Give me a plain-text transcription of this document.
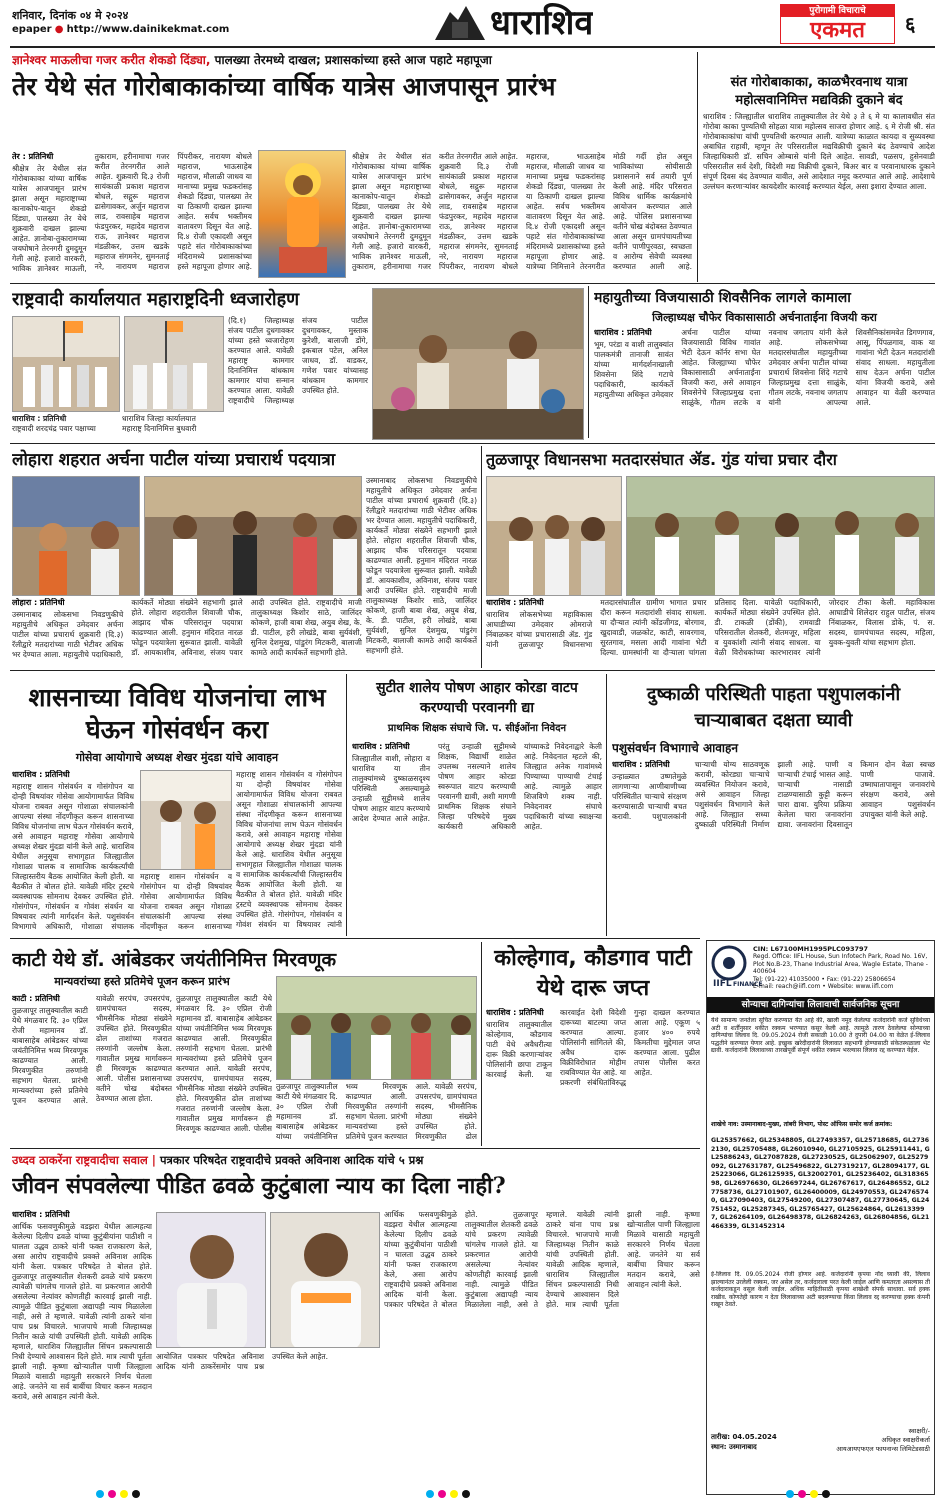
शनिवार, दिनांक ०४ मे २०२४
epaper ● http://www.dainikekmat.com	धाराशिव	पुरोगामी विचाराचे
एकमत	६
ज्ञानेश्वर माऊलीचा गजर करीत शेकडो दिंड्या, पालख्या तेरमध्ये दाखल; प्रशासकांच्या हस्ते आज पहाटे महापूजा
तेर येथे संत गोरोबाकाकांच्या वार्षिक यात्रेस आजपासून प्रारंभ
तेर : प्रतिनिधी
श्रीक्षेत्र तेर येथील संत गोरोबाकाका यांच्या वार्षिक यात्रेस आजपासून प्रारंभ झाला असून महाराष्ट्राच्या कानाकोप-यातून शेकडो दिंड्या, पालख्या तेर येथे शुक्रवारी दाखल झाल्या आहेत. ज्ञानोबा-तुकारामच्या जयघोषाने तेरनगरी दुमदुमून गेली आहे. हजारो वारकरी, भाविक ज्ञानेश्वर माऊली, तुकाराम, हरीनामाचा गजर करीत तेरनगरीत आले आहेत. शुक्रवारी दि.३ रोजी सायंकाळी प्रकाश महाराज बोधले, सद्गुरू महाराज ढासेगावकर, अर्जुन महाराज लाड, रावसाहेब महाराज फंडपुरकर, महादेव महाराज राऊ, ज्ञानेश्वर महाराज मंडळीकर, उत्तम खडके महाराज संगमनेर, सुमनताई नरे, नारायण महाराज पिंपरीकर, नारायण बोधले महाराज, भाऊसाहेब महाराज, मौलाळी जाधव या मानाच्या प्रमुख फडकरांसह शेकडो दिंड्या, पालख्या तेर या ठिकाणी दाखल झाल्या आहेत. सर्वच भक्तीमय वातावरण दिसून येत आहे. दि.४ रोजी एकादशी असून पहाटे संत गोरोबाकाकांच्या मंदिरामध्ये प्रशासकांच्या हस्ते महापूजा होणार आहे.
श्रीक्षेत्र तेर येथील संत गोरोबाकाका यांच्या वार्षिक यात्रेस आजपासून प्रारंभ झाला असून महाराष्ट्राच्या कानाकोप-यातून शेकडो दिंड्या, पालख्या तेर येथे शुक्रवारी दाखल झाल्या आहेत. ज्ञानोबा-तुकारामच्या जयघोषाने तेरनगरी दुमदुमून गेली आहे. हजारो वारकरी, भाविक ज्ञानेश्वर माऊली, तुकाराम, हरीनामाचा गजर करीत तेरनगरीत आले आहेत. शुक्रवारी दि.३ रोजी सायंकाळी प्रकाश महाराज बोधले, सद्गुरू महाराज ढासेगावकर, अर्जुन महाराज लाड, रावसाहेब महाराज फंडपुरकर, महादेव महाराज राऊ, ज्ञानेश्वर महाराज मंडळीकर, उत्तम खडके महाराज संगमनेर, सुमनताई नरे, नारायण महाराज पिंपरीकर, नारायण बोधले महाराज, भाऊसाहेब महाराज, मौलाळी जाधव या मानाच्या प्रमुख फडकरांसह शेकडो दिंड्या, पालख्या तेर या ठिकाणी दाखल झाल्या आहेत. सर्वच भक्तीमय वातावरण दिसून येत आहे. दि.४ रोजी एकादशी असून पहाटे संत गोरोबाकाकांच्या मंदिरामध्ये प्रशासकांच्या हस्ते महापूजा होणार आहे. यात्रेच्या निमित्ताने तेरनगरीत मोठी गर्दी होत असून भाविकांच्या सोयीसाठी प्रशासनाने सर्व तयारी पूर्ण केली आहे. मंदिर परिसरात विविध धार्मिक कार्यक्रमांचे आयोजन करण्यात आले आहे. पोलिस प्रशासनाच्या वतीने चोख बंदोबस्त ठेवण्यात आला असून ग्रामपंचायतीच्या वतीने पाणीपुरवठा, स्वच्छता व आरोग्य सेवेची व्यवस्था करण्यात आली आहे.
संत गोरोबाकाका, काळभैरवनाथ यात्रा महोत्सवानिमित्त मद्यविक्री दुकाने बंद
धाराशिव : जिल्ह्यातील धाराशिव तालुक्यातील तेर येथे ३ ते ६ मे या कालावधीत संत गोरोबा काका पुण्यतिथी सोहळा यात्रा महोत्सव साजरा होणार आहे. ६ मे रोजी श्री. संत गोरोबाकाकांचा यांची पुण्यतिथी करण्यात आली. यात्रेच्या काळात कायदा व सुव्यवस्था अबाधित राहावी, म्हणून तेर परिसरातील मद्यविक्रीची दुकाने बंद ठेवण्याचे आदेश जिल्हाधिकारी डॉ. सचिन ओम्बासे यांनी दिले आहेत. सावडी, पळसप, हुसेनवाडी परिसरातील सर्व देशी, विदेशी मद्य विक्रीची दुकाने, बिअर बार व परवानाधारक दुकाने संपूर्ण दिवस बंद ठेवण्यात यावीत, असे आदेशात नमूद करण्यात आले आहे. आदेशाचे उल्लंघन करणाऱ्यांवर कायदेशीर कारवाई करण्यात येईल, असा इशारा देण्यात आला.
राष्ट्रवादी कार्यालयात महाराष्ट्रदिनी ध्वजारोहण
धाराशिव : प्रतिनिधी
राष्ट्रवादी शरदचंद्र पवार पक्षाच्या
धाराशिव जिल्हा कार्यालयात
महाराष्ट्र दिनानिमित्त बुधवारी
(दि.१) जिल्हाध्यक्ष संजय पाटील दुधगावकर यांच्या हस्ते ध्वजारोहण करण्यात आले. यावेळी महाराष्ट्र कामगार दिनानिमित्त बांधकाम कामगार यांचा सन्मान करण्यात आला. यावेळी राष्ट्रवादीचे जिल्हाध्यक्ष संजय पाटील दुधगावकर, मुस्ताक कुरेशी, बालाजी डोंगे, इकबाल पटेल, अनिल जाधव, डॉ. वाडकर, गणेश पवार यांच्यासह बांधकाम कामगार उपस्थित होते.
महायुतीच्या विजयासाठी शिवसैनिक लागले कामाला
जिल्हाध्यक्ष चौफेर विकासासाठी अर्चनाताईना विजयी करा
धाराशिव : प्रतिनिधी
भूम, परंडा व वाशी तालुक्यांत पालकमंत्री तानाजी सावंत यांच्या मार्गदर्शनाखाली शिवसेना शिंदे गटाचे पदाधिकारी, कार्यकर्ते महायुतीच्या अधिकृत उमेदवार अर्चना पाटील यांच्या विजयासाठी विविध गावांत भेटी देऊन कॉर्नर सभा घेत आहेत. जिल्ह्याच्या चौफेर विकासासाठी अर्चनाताईंना विजयी करा, असे आवाहन शिवसेनेचे जिल्हाप्रमुख दत्ता साळुंके, गौतम लटके व नवनाथ जगताप यांनी केले आहे. लोकसभेच्या मतदारसंघातील महायुतीच्या उमेदवार अर्चना पाटील यांच्या प्रचारार्थ शिवसेना शिंदे गटाचे जिल्हाप्रमुख दत्ता साळुंके, गौतम लटके, नवनाथ जगताप यांनी आपल्या शिवसैनिकांसमवेत डिगणगाव, आसू, पिंपळगाव, वाक या गावांना भेटी देऊन मतदारांशी संवाद साधला. महायुतीला साथ देऊन अर्चना पाटील यांना विजयी करावे, असे आवाहन या वेळी करण्यात आले.
लोहारा शहरात अर्चना पाटील यांच्या प्रचारार्थ पदयात्रा
लोहारा : प्रतिनिधी
उस्मानाबाद लोकसभा निवडणुकीचे महायुतीचे अधिकृत उमेदवार अर्चना पाटील यांच्या प्रचारार्थ शुक्रवारी (दि.३) रॅलीद्वारे मतदारांच्या गाठी भेटीवर अधिक भर देण्यात आला. महायुतीचे पदाधिकारी, कार्यकर्ते मोठ्या संख्येने सहभागी झाले होते. लोहारा शहरातील शिवाजी चौक, आझाद चौक परिसरातून पदयात्रा काढण्यात आली. हनुमान मंदिरात नारळ फोडून पदयात्रेला सुरूवात झाली. यावेळी डॉ. आयकाशीव, अविनाश, संजय पवार आदी उपस्थित होते. राष्ट्रवादीचे माजी तालुकाध्यक्ष किशोर साठे, जालिंदर कोकणे, हाजी बाबा शेख, अयुब शेख, के. डी. पाटील, हरी लोखंडे, बाबा सुर्यवंशी, सुनिल देशमुख, पांडुरंग मिटकरी, बालाजी कामठे आदी कार्यकर्ते सहभागी होते.
उस्मानाबाद लोकसभा निवडणुकीचे महायुतीचे अधिकृत उमेदवार अर्चना पाटील यांच्या प्रचारार्थ शुक्रवारी (दि.३) रॅलीद्वारे मतदारांच्या गाठी भेटीवर अधिक भर देण्यात आला. महायुतीचे पदाधिकारी, कार्यकर्ते मोठ्या संख्येने सहभागी झाले होते. लोहारा शहरातील शिवाजी चौक, आझाद चौक परिसरातून पदयात्रा काढण्यात आली. हनुमान मंदिरात नारळ फोडून पदयात्रेला सुरूवात झाली. यावेळी डॉ. आयकाशीव, अविनाश, संजय पवार आदी उपस्थित होते. राष्ट्रवादीचे माजी तालुकाध्यक्ष किशोर साठे, जालिंदर कोकणे, हाजी बाबा शेख, अयुब शेख, के. डी. पाटील, हरी लोखंडे, बाबा सुर्यवंशी, सुनिल देशमुख, पांडुरंग मिटकरी, बालाजी कामठे आदी कार्यकर्ते सहभागी होते.
तुळजापूर विधानसभा मतदारसंघात ॲड. गुंड यांचा प्रचार दौरा
धाराशिव : प्रतिनिधी
धाराशिव लोकसभेच्या महाविकास आघाडीच्या उमेदवार ओमराजे निंबाळकर यांच्या प्रचारासाठी ॲड. गुंड यांनी तुळजापूर विधानसभा मतदारसंघातील ग्रामीण भागात प्रचार दौरा करून मतदारांशी संवाद साधला. या दौऱ्यात त्यांनी कोंडजीगड, बोरगाव, खुदावाडी, जळकोट, काटी, सावरगाव, सुरतगाव, मसला आदी गावांना भेटी दिल्या. ग्रामस्थांनी या दौऱ्याला चांगला प्रतिसाद दिला. यावेळी पदाधिकारी, कार्यकर्ते मोठ्या संख्येने उपस्थित होते. डी. टाकळी (डोंकी), रामवाडी परिसरातील शेतकरी, शेतमजूर, महिला व युवकांशी त्यांनी संवाद साधला. या वेळी विरोधकांच्या कारभारावर त्यांनी जोरदार टीका केली. महाविकास आघाडीचे शिलेदार राहुल पाटील, संजय निंबाळकर, विलास डोके, पं. स. सदस्य, ग्रामपंचायत सदस्य, महिला, युवक-युवती यांचा सहभाग होता.
शासनाच्या विविध योजनांचा लाभ घेऊन गोसंवर्धन करा
गोसेवा आयोगाचे अध्यक्ष शेखर मुंदडा यांचे आवाहन
धाराशिव : प्रतिनिधी
महाराष्ट्र शासन गोसंवर्धन व गोसंगोपन या दोन्ही विषयांवर गोसेवा आयोगामार्फत विविध योजना राबवत असून गोशाळा संचालकांनी आपल्या संस्था नोंदणीकृत करून शासनाच्या विविध योजनांचा लाभ घेऊन गोसंवर्धन करावे, असे आवाहन महाराष्ट्र गोसेवा आयोगाचे अध्यक्ष शेखर मुंदडा यांनी केले आहे. धाराशिव येथील अनुसूया सभागृहात जिल्ह्यातील गोशाळा चालक व सामाजिक कार्यकर्त्यांची जिल्हास्तरीय बैठक आयोजित केली होती. या बैठकीत ते बोलत होते. यावेळी मंदिर ट्रस्टचे व्यवस्थापक सोमनाथ देवकर उपस्थित होते. गोसंगोपन, गोसंवर्धन व गोवंश संवर्धन या विषयावर त्यांनी मार्गदर्शन केले. पशुसंवर्धन विभागाचे अधिकारी, गोशाळा संचालक
महाराष्ट्र शासन गोसंवर्धन व गोसंगोपन या दोन्ही विषयांवर गोसेवा आयोगामार्फत विविध योजना राबवत असून गोशाळा संचालकांनी आपल्या संस्था नोंदणीकृत करून शासनाच्या विविध योजनांचा लाभ घेऊन गोसंवर्धन करावे, असे आवाहन महाराष्ट्र गोसेवा आयोगाचे अध्यक्ष शेखर मुंदडा यांनी केले आहे. धाराशिव येथील अनुसूया सभागृहात जिल्ह्यातील गोशाळा चालक व सामाजिक कार्यकर्त्यांची जिल्हास्तरीय बैठक आयोजित केली होती. या बैठकीत ते बोलत होते. यावेळी मंदिर ट्रस्टचे व्यवस्थापक सोमनाथ देवकर उपस्थित होते. गोसंगोपन, गोसंवर्धन व गोवंश संवर्धन या विषयावर त्यांनी
महाराष्ट्र शासन गोसंवर्धन व गोसंगोपन या दोन्ही विषयांवर गोसेवा आयोगामार्फत विविध योजना राबवत असून गोशाळा संचालकांनी आपल्या संस्था नोंदणीकृत करून शासनाच्या
सुटीत शालेय पोषण आहार कोरडा वाटप करण्याची परवानगी द्या
प्राथमिक शिक्षक संघाचे जि. प. सीईओंना निवेदन
धाराशिव : प्रतिनिधी
जिल्ह्यातील वाशी, लोहारा व धाराशिव या तीन तालुक्यांमध्ये दुष्काळसदृश्य परिस्थिती असल्यामुळे उन्हाळी सुट्टीमध्ये शालेय पोषण आहार वाटप करण्याचे आदेश देण्यात आले आहेत. परंतु उन्हाळी सुट्टीमध्ये शिक्षक, विद्यार्थी शाळेत उपलब्ध नसल्याने शालेय पोषण आहार कोरडा स्वरूपात वाटप करण्याची परवानगी द्यावी, अशी मागणी प्राथमिक शिक्षक संघाने जिल्हा परिषदेचे मुख्य कार्यकारी अधिकारी यांच्याकडे निवेदनाद्वारे केली आहे. निवेदनात म्हटले की, जिल्ह्यात अनेक गावांमध्ये पिण्याच्या पाण्याची टंचाई आहे. त्यामुळे आहार शिजविणे शक्य नाही. निवेदनावर संघाचे पदाधिकारी यांच्या स्वाक्षऱ्या आहेत.
दुष्काळी परिस्थिती पाहता पशुपालकांनी चाऱ्याबाबत दक्षता घ्यावी
पशुसंवर्धन विभागाचे आवाहन
धाराशिव : प्रतिनिधी
उन्हाळ्यात उष्णतेमुळे लागणाऱ्या आणीबाणीच्या परिस्थितीत चाऱ्याचे संरक्षण करण्यासाठी चाऱ्याची बचत करावी. पशुपालकांनी चाऱ्याची योग्य साठवणूक करावी, कोरड्या चाऱ्याचे व्यवस्थित नियोजन करावे, असे आवाहन जिल्हा पशुसंवर्धन विभागाने केले आहे. जिल्ह्यात सध्या दुष्काळी परिस्थिती निर्माण झाली आहे. पाणी व चाऱ्याची टंचाई भासत आहे. चाऱ्याची नासाडी टाळण्यासाठी कुट्टी करून चारा द्यावा. युरिया प्रक्रिया केलेला चारा जनावरांना द्यावा. जनावरांना दिवसातून किमान दोन वेळा स्वच्छ पाणी पाजावे. उष्माघातापासून जनावरांचे संरक्षण करावे, असे आवाहन पशुसंवर्धन उपायुक्त यांनी केले आहे.
काटी येथे डॉ. आंबेडकर जयंतीनिमित्त मिरवणूक
मान्यवरांच्या हस्ते प्रतिमेचे पूजन करून प्रारंभ
काटी : प्रतिनिधी
तुळजापूर तालुक्यातील काटी येथे मंगळवार दि. ३० एप्रिल रोजी महामानव डॉ. बाबासाहेब आंबेडकर यांच्या जयंतीनिमित्त भव्य मिरवणूक काढण्यात आली. मिरवणुकीत तरुणांनी सहभाग घेतला. प्रारंभी मान्यवरांच्या हस्ते प्रतिमेचे पूजन करण्यात आले. यावेळी सरपंच, उपसरपंच, ग्रामपंचायत सदस्य, भीमसैनिक मोठ्या संख्येने उपस्थित होते. मिरवणुकीत ढोल ताशांच्या गजरात तरुणांनी जल्लोष केला. गावातील प्रमुख मार्गावरून ही मिरवणूक काढण्यात आली. पोलीस प्रशासनाच्या वतीने चोख बंदोबस्त ठेवण्यात आला होता.
तुळजापूर तालुक्यातील काटी येथे मंगळवार दि. ३० एप्रिल रोजी महामानव डॉ. बाबासाहेब आंबेडकर यांच्या जयंतीनिमित्त भव्य मिरवणूक काढण्यात आली. मिरवणुकीत तरुणांनी सहभाग घेतला. प्रारंभी मान्यवरांच्या हस्ते प्रतिमेचे पूजन करण्यात आले. यावेळी सरपंच, उपसरपंच, ग्रामपंचायत सदस्य, भीमसैनिक मोठ्या संख्येने उपस्थित होते. मिरवणुकीत ढोल ताशांच्या गजरात तरुणांनी जल्लोष केला. गावातील प्रमुख मार्गावरून ही मिरवणूक काढण्यात आली. पोलीस
तुळजापूर तालुक्यातील काटी येथे मंगळवार दि. ३० एप्रिल रोजी महामानव डॉ. बाबासाहेब आंबेडकर यांच्या जयंतीनिमित्त भव्य मिरवणूक काढण्यात आली. मिरवणुकीत तरुणांनी सहभाग घेतला. प्रारंभी मान्यवरांच्या हस्ते प्रतिमेचे पूजन करण्यात आले. यावेळी सरपंच, उपसरपंच, ग्रामपंचायत सदस्य, भीमसैनिक मोठ्या संख्येने उपस्थित होते. मिरवणुकीत ढोल
कोल्हेगाव, कौडगाव पाटी येथे दारू जप्त
धाराशिव : प्रतिनिधी
धाराशिव तालुक्यातील कोल्हेगाव, कौडगाव पाटी येथे अवैधरीत्या दारू विक्री करणाऱ्यांवर पोलिसांनी छापा टाकून कारवाई केली. या कारवाईत देशी विदेशी दारूच्या बाटल्या जप्त करण्यात आल्या. पोलिसांनी सांगितले की, अवैध दारू विक्रीविरोधात मोहीम राबविण्यात येत आहे. या प्रकरणी संबंधितांविरुद्ध गुन्हा दाखल करण्यात आला आहे. एकूण ५ हजार ४०० रुपये किमतीचा मुद्देमाल जप्त करण्यात आला. पुढील तपास पोलीस करत आहेत.
IIFL FINANCE
CIN: L67100MH1995PLC093797
Regd. Office: IIFL House, Sun Infotech Park, Road No. 16V, Plot No.B-23, Thane Industrial Area, Wagle Estate, Thane - 400604
Tel: (91-22) 41035000 • Fax: (91-22) 25806654
E-mail: reach@iifl.com • Website: www.iifl.com
सोन्याचा दागिन्यांचा लिलावाची सार्वजनिक सूचना
येथे सामान्य जनतेला सूचित करण्यात येत आहे की, खाली नमूद केलेल्या कर्जदारांनी कर्ज सुविधेच्या अटी व शर्तींनुसार थकीत रक्कम भरण्यात कसूर केली आहे. त्यामुळे तारण ठेवलेल्या सोन्याच्या दागिन्यांचा लिलाव दि. 09.05.2024 रोजी सकाळी 10.00 ते दुपारी 04.00 या वेळेत ई-लिलाव पद्धतीने करण्यात येणार आहे. इच्छुक खरेदीदारांनी लिलावात सहभागी होण्यासाठी संकेतस्थळाला भेट द्यावी. कर्जदारांनी लिलावाच्या तारखेपूर्वी संपूर्ण थकीत रक्कम भरल्यास लिलाव रद्द करण्यात येईल.
शाखेचे नाव: उस्मानाबाद-मुख्य, तांबरी विभाग, पोस्ट ऑफिस समोर कर्ज क्रमांक:
GL25357662, GL25348805, GL27493357, GL25718685, GL27362130, GL25705488, GL26010940, GL27105925, GL25911441, GL25886243, GL27087828, GL27230525, GL25062907, GL25279092, GL27631787, GL25496822, GL27319217, GL28094177, GL25223066, GL26125935, GL32002701, GL25236402, GL31836598, GL26976630, GL26697244, GL26767617, GL26486552, GL27758736, GL27101907, GL26400009, GL24970553, GL24765740, GL27090403, GL27549200, GL27307487, GL27730645, GL24751452, GL25287345, GL25765427, GL25624864, GL26133997, GL26264109, GL26498378, GL26824263, GL26804856, GL21466339, GL31452314
ई-लिलाव दि. 09.05.2024 रोजी होणार आहे. कर्जदारांनी कृपया नोंद घ्यावी की, लिलाव झाल्यानंतर उरलेली रक्कम, जर असेल तर, कर्जदाराला परत केली जाईल आणि कमतरता असल्यास ती कर्जदाराकडून वसूल केली जाईल. अधिक माहितीसाठी कृपया शाखेशी संपर्क साधावा. सर्व हक्क राखीव. कोणतेही कारण न देता लिलावाच्या अटी बदलण्याचा किंवा लिलाव रद्द करण्याचा हक्क कंपनी राखून ठेवते.
तारीख: 04.05.2024
स्थान: उस्मानाबाद
स्वाक्षरी/-
अधिकृत स्वाक्षरीकर्ता
आयआयएफएल फायनान्स लिमिटेडसाठी
उध्दव ठाकरेंना राष्ट्रवादीचा सवाल | पत्रकार परिषदेत राष्ट्रवादीचे प्रवक्ते अविनाश आदिक यांचे ५ प्रश्न
जीवन संपवलेल्या पीडित ढवळे कुटुंबाला न्याय का दिला नाही?
धाराशिव : प्रतिनिधी
आर्थिक फसवणुकीमुळे वडझरा येथील आत्महत्या केलेल्या दिलीप ढवळे यांच्या कुटुंबीयांना पाठीशी न घालता उद्धव ठाकरे यांनी फक्त राजकारण केले, असा आरोप राष्ट्रवादीचे प्रवक्ते अविनाश आदिक यांनी केला. पत्रकार परिषदेत ते बोलत होते. तुळजापूर तालुक्यातील शेतकरी ढवळे यांचे प्रकरण त्यावेळी चांगलेच गाजले होते. या प्रकरणात आरोपी असलेल्या नेत्यांवर कोणतीही कारवाई झाली नाही. त्यामुळे पीडित कुटुंबाला अद्यापही न्याय मिळालेला नाही, असे ते म्हणाले. यावेळी त्यांनी ठाकरे यांना पाच प्रश्न विचारले. भाजपाचे माजी जिल्हाध्यक्ष नितीन काळे यांची उपस्थिती होती. यावेळी आदिक म्हणाले, धाराशिव जिल्ह्यातील सिंचन प्रकल्पासाठी निधी देण्याचे आश्वासन दिले होते. मात्र त्याची पूर्तता झाली नाही. कृष्णा खोऱ्यातील पाणी जिल्ह्याला मिळावे यासाठी महायुती सरकारने निर्णय घेतला आहे. जनतेने या सर्व बाबींचा विचार करून मतदान करावे, असे आवाहन त्यांनी केले.
आयोजित पत्रकार परिषदेत अविनाश आदिक यांनी ठाकरेंसमोर पाच प्रश्न उपस्थित केले आहेत.
आर्थिक फसवणुकीमुळे वडझरा येथील आत्महत्या केलेल्या दिलीप ढवळे यांच्या कुटुंबीयांना पाठीशी न घालता उद्धव ठाकरे यांनी फक्त राजकारण केले, असा आरोप राष्ट्रवादीचे प्रवक्ते अविनाश आदिक यांनी केला. पत्रकार परिषदेत ते बोलत होते. तुळजापूर तालुक्यातील शेतकरी ढवळे यांचे प्रकरण त्यावेळी चांगलेच गाजले होते. या प्रकरणात आरोपी असलेल्या नेत्यांवर कोणतीही कारवाई झाली नाही. त्यामुळे पीडित कुटुंबाला अद्यापही न्याय मिळालेला नाही, असे ते म्हणाले. यावेळी त्यांनी ठाकरे यांना पाच प्रश्न विचारले. भाजपाचे माजी जिल्हाध्यक्ष नितीन काळे यांची उपस्थिती होती. यावेळी आदिक म्हणाले, धाराशिव जिल्ह्यातील सिंचन प्रकल्पासाठी निधी देण्याचे आश्वासन दिले होते. मात्र त्याची पूर्तता झाली नाही. कृष्णा खोऱ्यातील पाणी जिल्ह्याला मिळावे यासाठी महायुती सरकारने निर्णय घेतला आहे. जनतेने या सर्व बाबींचा विचार करून मतदान करावे, असे आवाहन त्यांनी केले.
